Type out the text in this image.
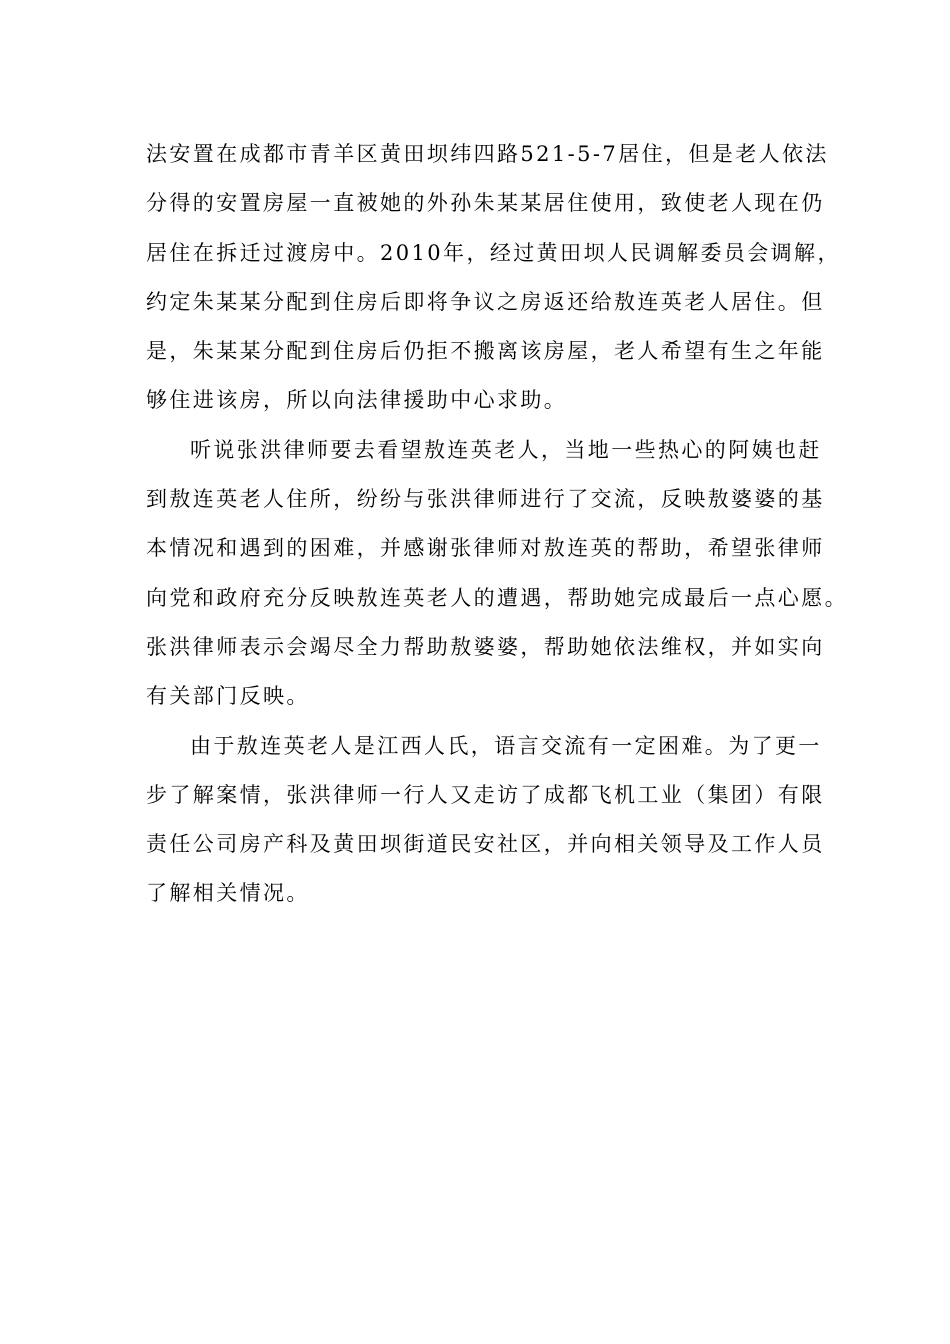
法安置在成都市青羊区黄田坝纬四路521-5-7居住，但是老人依法
分得的安置房屋一直被她的外孙朱某某居住使用，致使老人现在仍
居住在拆迁过渡房中。2010年，经过黄田坝人民调解委员会调解，
约定朱某某分配到住房后即将争议之房返还给敖连英老人居住。但
是，朱某某分配到住房后仍拒不搬离该房屋，老人希望有生之年能
够住进该房，所以向法律援助中心求助。
听说张洪律师要去看望敖连英老人，当地一些热心的阿姨也赶
到敖连英老人住所，纷纷与张洪律师进行了交流，反映敖婆婆的基
本情况和遇到的困难，并感谢张律师对敖连英的帮助，希望张律师
向党和政府充分反映敖连英老人的遭遇，帮助她完成最后一点心愿。
张洪律师表示会竭尽全力帮助敖婆婆，帮助她依法维权，并如实向
有关部门反映。
由于敖连英老人是江西人氏，语言交流有一定困难。为了更一
步了解案情，张洪律师一行人又走访了成都飞机工业（集团）有限
责任公司房产科及黄田坝街道民安社区，并向相关领导及工作人员
了解相关情况。
